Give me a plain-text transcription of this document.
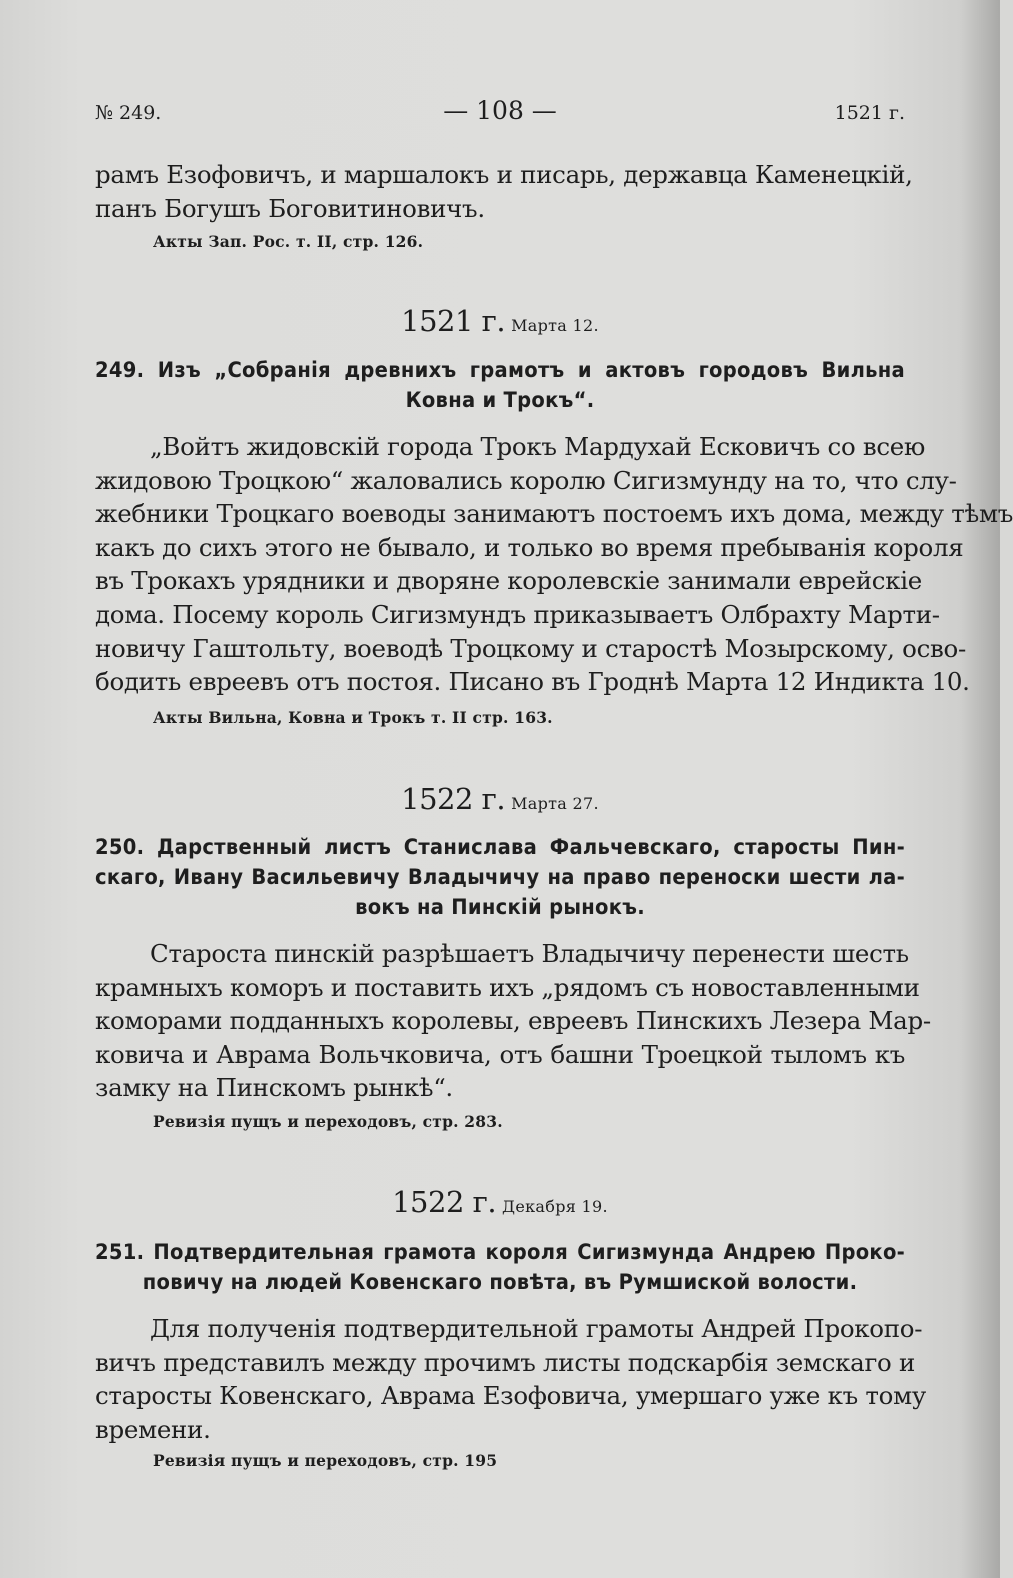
№ 249.	— 108 —	1521 г.
рамъ Езофовичъ, и маршалокъ и писарь, державца Каменецкій,
панъ Богушъ Боговитиновичъ.
Акты Зап. Рос. т. II, стр. 126.
1521 г. Марта 12.
249. Изъ „Собранія древнихъ грамотъ и актовъ городовъ Вильна
Ковна и Трокъ“.
„Войтъ жидовскій города Трокъ Мардухай Есковичъ со всею
жидовою Троцкою“ жаловались королю Сигизмунду на то, что слу-
жебники Троцкаго воеводы занимаютъ постоемъ ихъ дома, между тѣмъ
какъ до сихъ этого не бывало, и только во время пребыванія короля
въ Трокахъ урядники и дворяне королевскіе занимали еврейскіе
дома. Посему король Сигизмундъ приказываетъ Олбрахту Марти-
новичу Гаштольту, воеводѣ Троцкому и старостѣ Мозырскому, осво-
бодить евреевъ отъ постоя. Писано въ Гроднѣ Марта 12 Индикта 10.
Акты Вильна, Ковна и Трокъ т. II стр. 163.
1522 г. Марта 27.
250. Дарственный листъ Станислава Фальчевскаго, старосты Пин-
скаго, Ивану Васильевичу Владычичу на право переноски шести ла-
вокъ на Пинскій рынокъ.
Староста пинскій разрѣшаетъ Владычичу перенести шесть
крамныхъ коморъ и поставить ихъ „рядомъ съ новоставленными
коморами подданныхъ королевы, евреевъ Пинскихъ Лезера Мар-
ковича и Аврама Вольчковича, отъ башни Троецкой тыломъ къ
замку на Пинскомъ рынкѣ“.
Ревизія пущъ и переходовъ, стр. 283.
1522 г. Декабря 19.
251. Подтвердительная грамота короля Сигизмунда Андрею Проко-
повичу на людей Ковенскаго повѣта, въ Румшиской волости.
Для полученія подтвердительной грамоты Андрей Прокопо-
вичъ представилъ между прочимъ листы подскарбія земскаго и
старосты Ковенскаго, Аврама Езофовича, умершаго уже къ тому
времени.
Ревизія пущъ и переходовъ, стр. 195
